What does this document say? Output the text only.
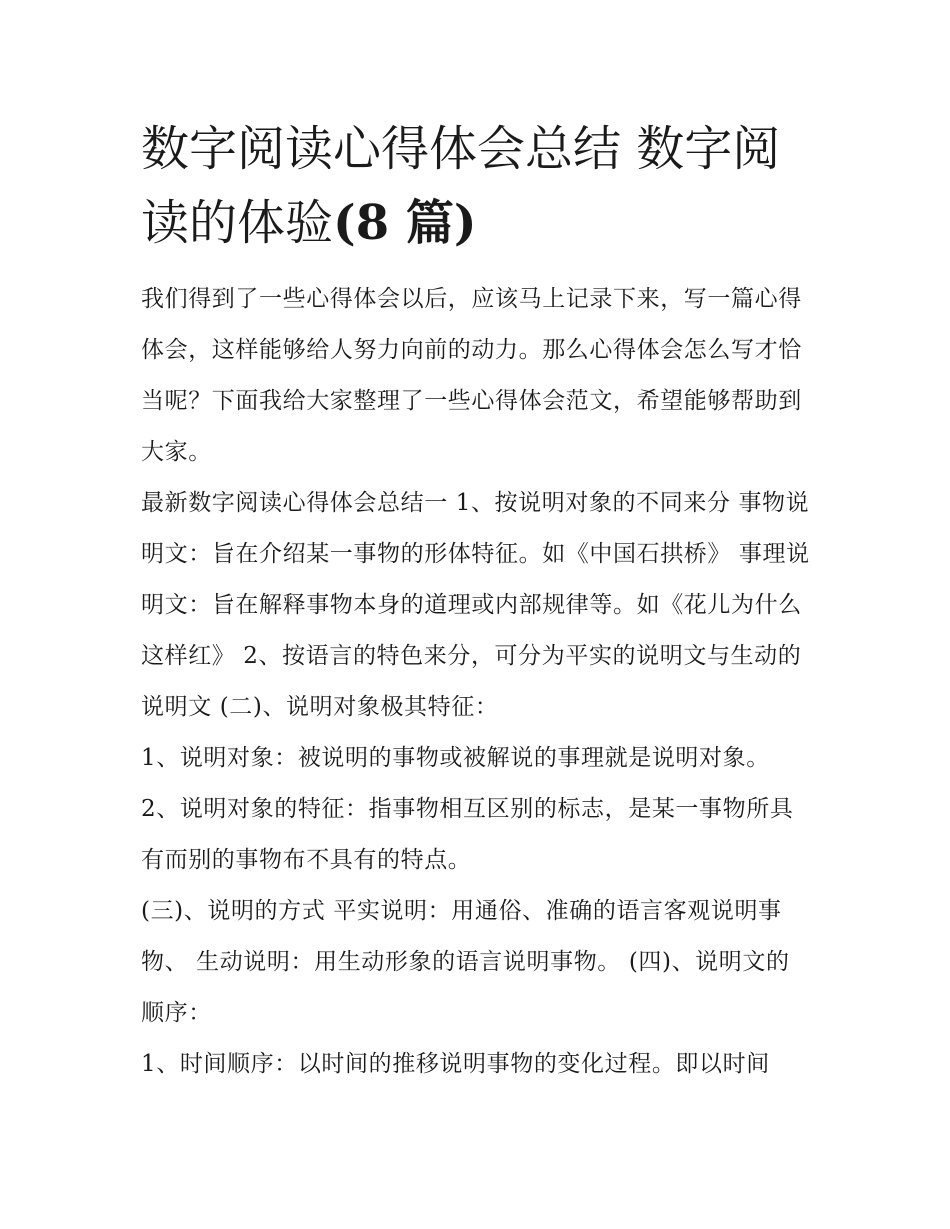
数字阅读心得体会总结 数字阅读的体验(8 篇)

我们得到了一些心得体会以后，应该马上记录下来，写一篇心得体会，这样能够给人努力向前的动力。那么心得体会怎么写才恰当呢？下面我给大家整理了一些心得体会范文，希望能够帮助到大家。

最新数字阅读心得体会总结一 1、按说明对象的不同来分 事物说明文：旨在介绍某一事物的形体特征。如《中国石拱桥》 事理说明文：旨在解释事物本身的道理或内部规律等。如《花儿为什么这样红》 2、按语言的特色来分，可分为平实的说明文与生动的说明文 (二)、说明对象极其特征：

1、说明对象：被说明的事物或被解说的事理就是说明对象。

2、说明对象的特征：指事物相互区别的标志，是某一事物所具有而别的事物布不具有的特点。

(三)、说明的方式 平实说明：用通俗、准确的语言客观说明事物、 生动说明：用生动形象的语言说明事物。 (四)、说明文的顺序：

1、时间顺序：以时间的推移说明事物的变化过程。即以时间
